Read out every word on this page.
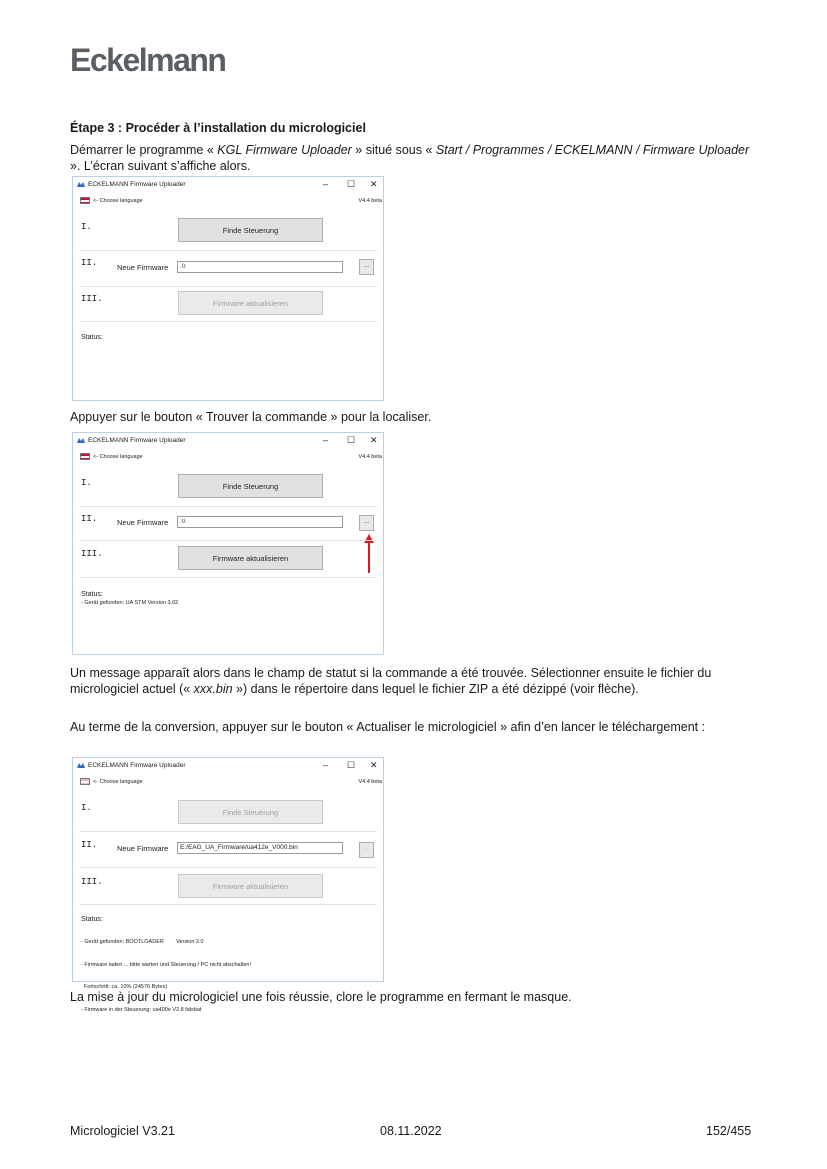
Eckelmann

Étape 3 : Procéder à l’installation du micrologiciel

Démarrer le programme « KGL Firmware Uploader » situé sous « Start / Programmes / ECKELMANN / Firmware Uploader ». L’écran suivant s’affiche alors.

ECKELMANN Firmware Uploader	– ☐ ✕
<- Choose language	V4.4 beta
I.	Finde Steuerung
II.	Neue Firmware	.\\	...
III.	Firmware aktualisieren
Status:

Appuyer sur le bouton « Trouver la commande » pour la localiser.

ECKELMANN Firmware Uploader	– ☐ ✕
<- Choose language	V4.4 beta
I.	Finde Steuerung
II.	Neue Firmware	.\\	...
III.	Firmware aktualisieren
Status:
- Gerät gefunden: UA STM Version 3.02

Un message apparaît alors dans le champ de statut si la commande a été trouvée. Sélectionner ensuite le fichier du micrologiciel actuel (« xxx.bin ») dans le répertoire dans lequel le fichier ZIP a été dézippé (voir flèche).

Au terme de la conversion, appuyer sur le bouton « Actualiser le micrologiciel » afin d’en lancer le téléchargement :

ECKELMANN Firmware Uploader	– ☐ ✕
<- Choose language	V4.4 beta
I.	Finde Steuerung
II.	Neue Firmware	E:/EAG_UA_Firmware/ua412e_V000.bin	...
III.	Firmware aktualisieren
Status:

- Gerät gefunden: BOOTLOADER        Version 2.0

- Firmware laden ... bitte warten und Steuerung / PC nicht abschalten!

Fortschritt: ca. 10% (24576 Bytes)

- Firmware in der Steuerung: ua400e V2.8 falsbat

La mise à jour du micrologiciel une fois réussie, clore le programme en fermant le masque.

Micrologiciel V3.21	08.11.2022	152/455
